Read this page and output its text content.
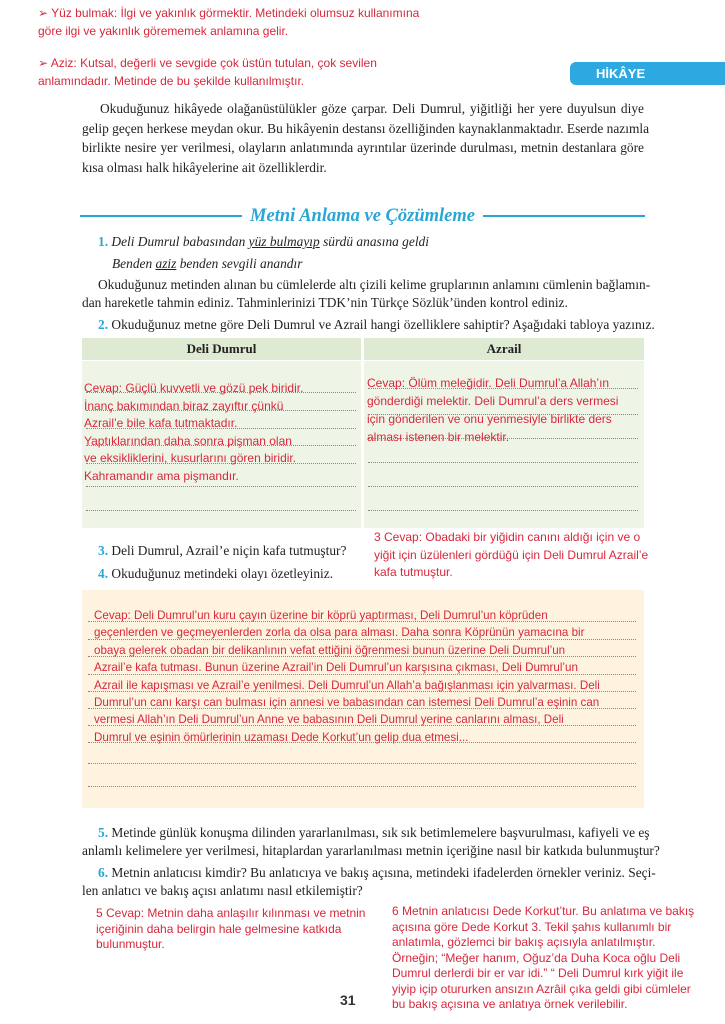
➢ Yüz bulmak: İlgi ve yakınlık görmektir. Metindeki olumsuz kullanımına
göre ilgi ve yakınlık görememek anlamına gelir.
➢ Aziz: Kutsal, değerli ve sevgide çok üstün tutulan, çok sevilen
anlamındadır. Metinde de bu şekilde kullanılmıştır.	HİKÂYE
Okuduğunuz hikâyede olağanüstülükler göze çarpar. Deli Dumrul, yiğitliği her yere duyulsun diye
gelip geçen herkese meydan okur. Bu hikâyenin destansı özelliğinden kaynaklanmaktadır. Eserde nazımla
birlikte nesire yer verilmesi, olayların anlatımında ayrıntılar üzerinde durulması, metnin destanlara göre
kısa olması halk hikâyelerine ait özelliklerdir.
Metni Anlama ve Çözümleme
1. Deli Dumrul babasından yüz bulmayıp sürdü anasına geldi
Benden aziz benden sevgili anandır
Okuduğunuz metinden alınan bu cümlelerde altı çizili kelime gruplarının anlamını cümlenin bağlamın-
dan hareketle tahmin ediniz. Tahminlerinizi TDK’nin Türkçe Sözlük’ünden kontrol ediniz.
2. Okuduğunuz metne göre Deli Dumrul ve Azrail hangi özelliklere sahiptir? Aşağıdaki tabloya yazınız.
Deli Dumrul	Azrail
Cevap: Güçlü kuvvetli ve gözü pek biridir.
İnanç bakımından biraz zayıftır çünkü
Azrail’e bile kafa tutmaktadır.
Yaptıklarından daha sonra pişman olan
ve eksikliklerini, kusurlarını gören biridir.
Kahramandır ama pişmandır.
Cevap: Ölüm meleğidir. Deli Dumrul’a Allah’ın
gönderdiği melektir. Deli Dumrul’a ders vermesi
için gönderilen ve onu yenmesiyle birlikte ders
alması istenen bir melektir.
3. Deli Dumrul, Azrail’e niçin kafa tutmuştur?
4. Okuduğunuz metindeki olayı özetleyiniz.
3 Cevap: Obadaki bir yiğidin canını aldığı için ve o
yiğit için üzülenleri gördüğü için Deli Dumrul Azrail’e
kafa tutmuştur.
Cevap: Deli Dumrul’un kuru çayın üzerine bir köprü yaptırması, Deli Dumrul’un köprüden
geçenlerden ve geçmeyenlerden zorla da olsa para alması. Daha sonra Köprünün yamacına bir
obaya gelerek obadan bir delikanlının vefat ettiğini öğrenmesi bunun üzerine Deli Dumrul’un
Azrail’e kafa tutması. Bunun üzerine Azrail’in Deli Dumrul’un karşısına çıkması, Deli Dumrul’un
Azrail ile kapışması ve Azrail’e yenilmesi. Deli Dumrul’un Allah’a bağışlanması için yalvarması. Deli
Dumrul’un canı karşı can bulması için annesi ve babasından can istemesi Deli Dumrul’a eşinin can
vermesi Allah’ın Deli Dumrul’un Anne ve babasının Deli Dumrul yerine canlarını alması, Deli
Dumrul ve eşinin ömürlerinin uzaması Dede Korkut’un gelip dua etmesi...
5. Metinde günlük konuşma dilinden yararlanılması, sık sık betimlemelere başvurulması, kafiyeli ve eş
anlamlı kelimelere yer verilmesi, hitaplardan yararlanılması metnin içeriğine nasıl bir katkıda bulunmuştur?
6. Metnin anlatıcısı kimdir? Bu anlatıcıya ve bakış açısına, metindeki ifadelerden örnekler veriniz. Seçi-
len anlatıcı ve bakış açısı anlatımı nasıl etkilemiştir?
6 Metnin anlatıcısı Dede Korkut’tur. Bu anlatıma ve bakış
açısına göre Dede Korkut 3. Tekil şahıs kullanımlı bir
anlatımla, gözlemci bir bakış açısıyla anlatılmıştır.
Örneğin; “Meğer hanım, Oğuz’da Duha Koca oğlu Deli
Dumrul derlerdi bir er var idi.” “ Deli Dumrul kırk yiğit ile
yiyip içip otururken ansızın Azrâil çıka geldi gibi cümleler
bu bakış açısına ve anlatıya örnek verilebilir.
5 Cevap: Metnin daha anlaşılır kılınması ve metnin
içeriğinin daha belirgin hale gelmesine katkıda
bulunmuştur.
31
